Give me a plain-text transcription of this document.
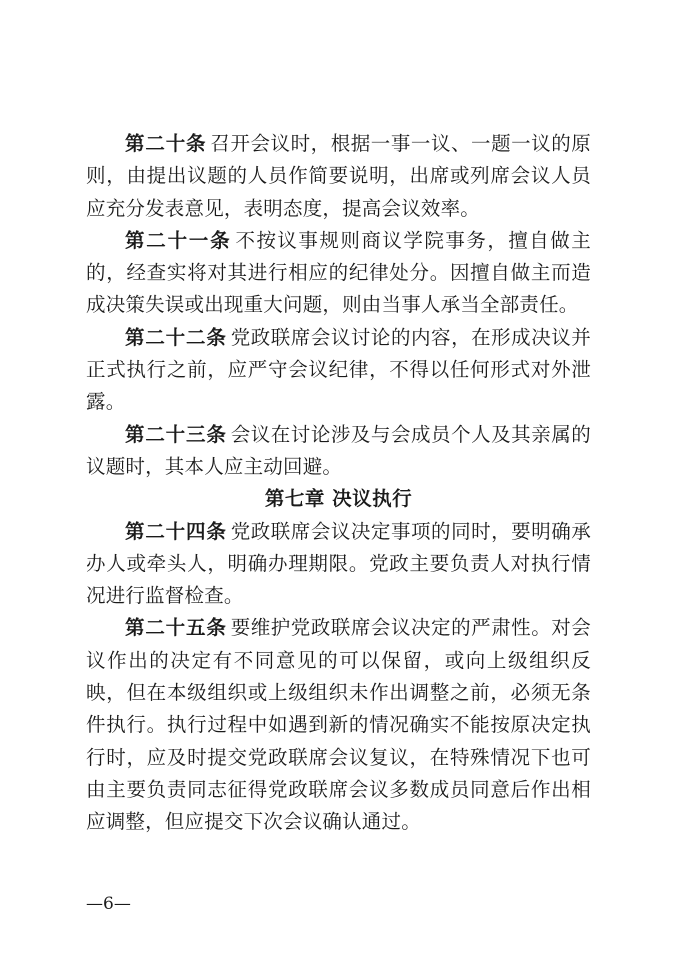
第二十条 召开会议时，根据一事一议、一题一议的原则，由提出议题的人员作简要说明，出席或列席会议人员应充分发表意见，表明态度，提高会议效率。

第二十一条 不按议事规则商议学院事务，擅自做主的，经查实将对其进行相应的纪律处分。因擅自做主而造成决策失误或出现重大问题，则由当事人承当全部责任。

第二十二条 党政联席会议讨论的内容，在形成决议并正式执行之前，应严守会议纪律，不得以任何形式对外泄露。

第二十三条 会议在讨论涉及与会成员个人及其亲属的议题时，其本人应主动回避。

第七章 决议执行

第二十四条 党政联席会议决定事项的同时，要明确承办人或牵头人，明确办理期限。党政主要负责人对执行情况进行监督检查。

第二十五条 要维护党政联席会议决定的严肃性。对会议作出的决定有不同意见的可以保留，或向上级组织反映，但在本级组织或上级组织未作出调整之前，必须无条件执行。执行过程中如遇到新的情况确实不能按原决定执行时，应及时提交党政联席会议复议，在特殊情况下也可由主要负责同志征得党政联席会议多数成员同意后作出相应调整，但应提交下次会议确认通过。

—6—
